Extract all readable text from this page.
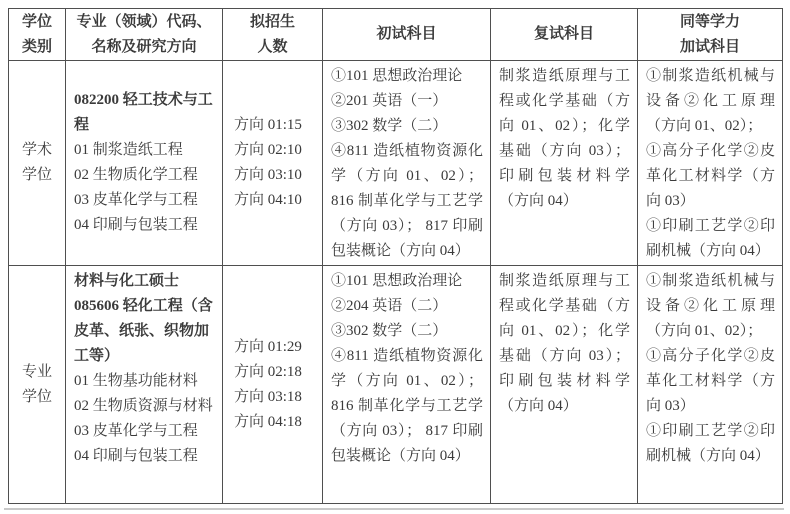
学位
类别
专业（领域）代码、
名称及研究方向
拟招生
人数
初试科目	复试科目
同等学力
加试科目
学术
学位

082200 轻工技术与工程

01 制浆造纸工程

02 生物质化学工程

03 皮革化学与工程

04 印刷与包装工程

方向 01:15

方向 02:10

方向 03:10

方向 04:10

①101 思想政治理论

②201 英语（一）

③302 数学（二）

④811 造纸植物资源化学（方向 01、02）；816 制革化学与工艺学（方向 03）； 817 印刷包装概论（方向 04）

制浆造纸原理与工程或化学基础（方向 01、02）；化学基础（方向 03）；印刷包装材料学（方向 04）

①制浆造纸机械与设备②化工原理（方向 01、02）；

①高分子化学②皮革化工材料学（方向 03）

①印刷工艺学②印刷机械（方向 04）

专业
学位

材料与化工硕士

085606 轻化工程（含皮革、纸张、织物加工等）

01 生物基功能材料

02 生物质资源与材料

03 皮革化学与工程

04 印刷与包装工程

方向 01:29

方向 02:18

方向 03:18

方向 04:18

①101 思想政治理论

②204 英语（二）

③302 数学（二）

④811 造纸植物资源化学（方向 01、02）；816 制革化学与工艺学（方向 03）； 817 印刷包装概论（方向 04）

制浆造纸原理与工程或化学基础（方向 01、02）；化学基础（方向 03）；印刷包装材料学（方向 04）

①制浆造纸机械与设备②化工原理（方向 01、02）；

①高分子化学②皮革化工材料学（方向 03）

①印刷工艺学②印刷机械（方向 04）
